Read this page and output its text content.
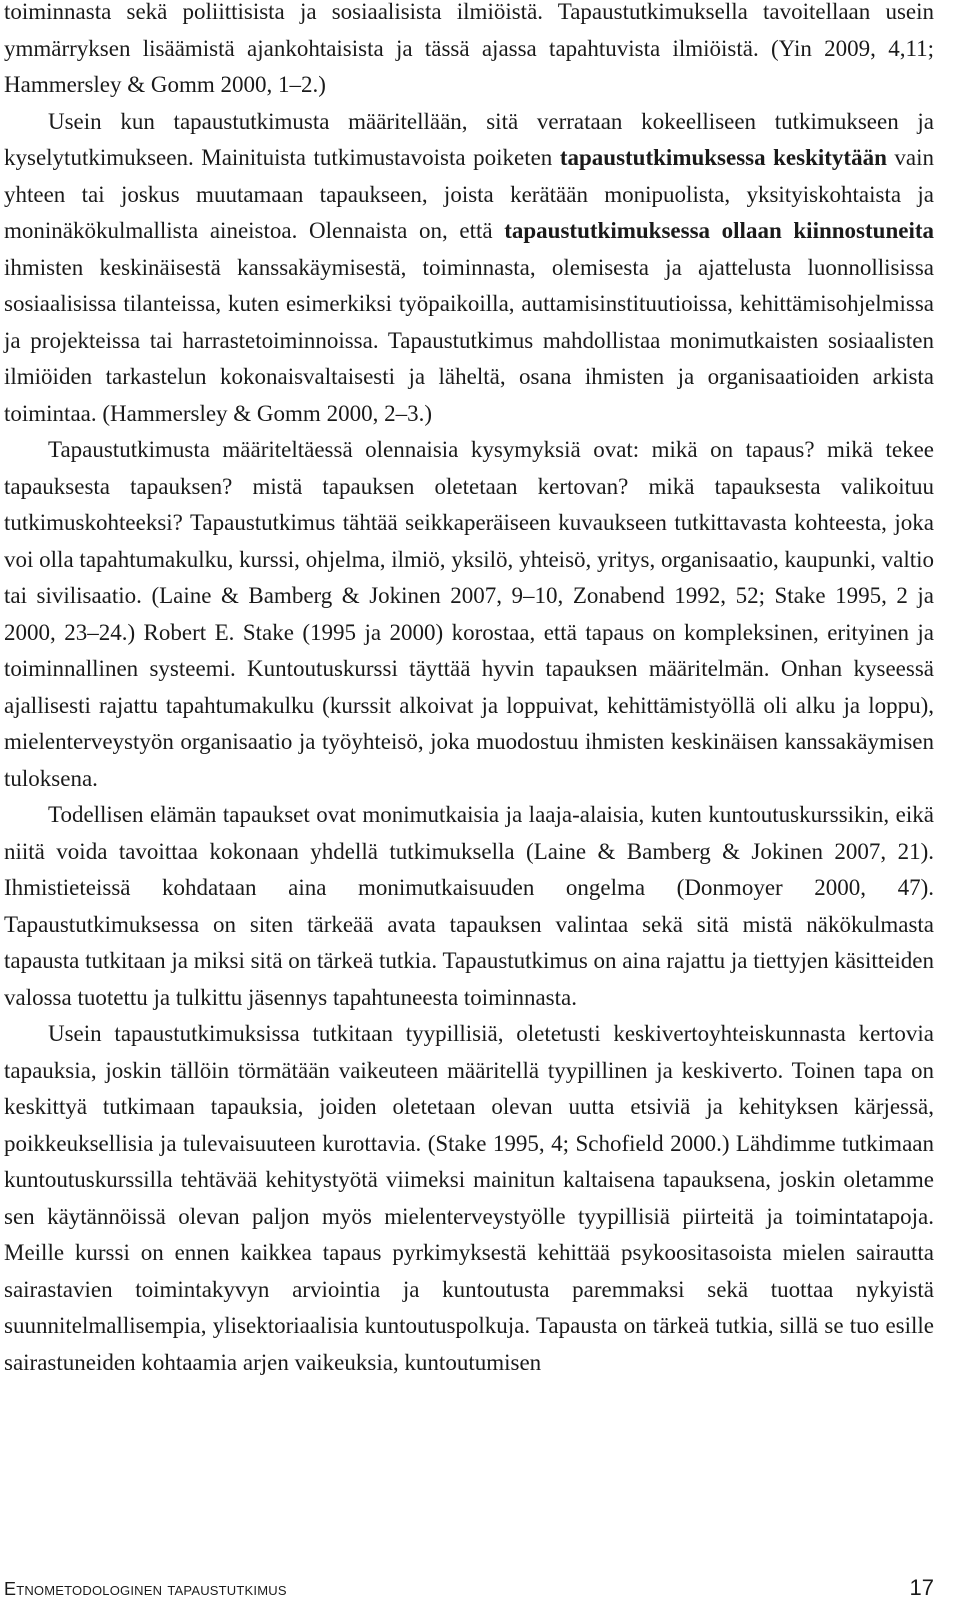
toiminnasta sekä poliittisista ja sosiaalisista ilmiöistä. Tapaustutkimuksella tavoitellaan usein ymmärryksen lisäämistä ajankohtaisista ja tässä ajassa tapahtuvista ilmiöistä. (Yin 2009, 4,11; Hammersley & Gomm 2000, 1–2.)

Usein kun tapaustutkimusta määritellään, sitä verrataan kokeelliseen tutkimukseen ja kyselytutkimukseen. Mainituista tutkimustavoista poiketen tapaustutkimuksessa keskitytään vain yhteen tai joskus muutamaan tapaukseen, joista kerätään monipuolista, yksityiskohtaista ja moninäkökulmallista aineistoa. Olennaista on, että tapaustutkimuksessa ollaan kiinnostuneita ihmisten keskinäisestä kanssakäymisestä, toiminnasta, olemisesta ja ajattelusta luonnollisissa sosiaalisissa tilanteissa, kuten esimerkiksi työpaikoilla, auttamisinstituutioissa, kehittämisohjelmissa ja projekteissa tai harrastetoiminnoissa. Tapaustutkimus mahdollistaa monimutkaisten sosiaalisten ilmiöiden tarkastelun kokonaisvaltaisesti ja läheltä, osana ihmisten ja organisaatioiden arkista toimintaa. (Hammersley & Gomm 2000, 2–3.)

Tapaustutkimusta määriteltäessä olennaisia kysymyksiä ovat: mikä on tapaus? mikä tekee tapauksesta tapauksen? mistä tapauksen oletetaan kertovan? mikä tapauksesta valikoituu tutkimuskohteeksi? Tapaustutkimus tähtää seikkaperäiseen kuvaukseen tutkittavasta kohteesta, joka voi olla tapahtumakulku, kurssi, ohjelma, ilmiö, yksilö, yhteisö, yritys, organisaatio, kaupunki, valtio tai sivilisaatio. (Laine & Bamberg & Jokinen 2007, 9–10, Zonabend 1992, 52; Stake 1995, 2 ja 2000, 23–24.) Robert E. Stake (1995 ja 2000) korostaa, että tapaus on kompleksinen, erityinen ja toiminnallinen systeemi. Kuntoutuskurssi täyttää hyvin tapauksen määritelmän. Onhan kyseessä ajallisesti rajattu tapahtumakulku (kurssit alkoivat ja loppuivat, kehittämistyöllä oli alku ja loppu), mielenterveystyön organisaatio ja työyhteisö, joka muodostuu ihmisten keskinäisen kanssakäymisen tuloksena.

Todellisen elämän tapaukset ovat monimutkaisia ja laaja-alaisia, kuten kuntoutuskurssikin, eikä niitä voida tavoittaa kokonaan yhdellä tutkimuksella (Laine & Bamberg & Jokinen 2007, 21). Ihmistieteissä kohdataan aina monimutkaisuuden ongelma (Donmoyer 2000, 47). Tapaustutkimuksessa on siten tärkeää avata tapauksen valintaa sekä sitä mistä näkökulmasta tapausta tutkitaan ja miksi sitä on tärkeä tutkia. Tapaustutkimus on aina rajattu ja tiettyjen käsitteiden valossa tuotettu ja tulkittu jäsennys tapahtuneesta toiminnasta.

Usein tapaustutkimuksissa tutkitaan tyypillisiä, oletetusti keskivertoyhteiskunnasta kertovia tapauksia, joskin tällöin törmätään vaikeuteen määritellä tyypillinen ja keskiverto. Toinen tapa on keskittyä tutkimaan tapauksia, joiden oletetaan olevan uutta etsiviä ja kehityksen kärjessä, poikkeuksellisia ja tulevaisuuteen kurottavia. (Stake 1995, 4; Schofield 2000.) Lähdimme tutkimaan kuntoutuskurssilla tehtävää kehitystyötä viimeksi mainitun kaltaisena tapauksena, joskin oletamme sen käytännöissä olevan paljon myös mielenterveystyölle tyypillisiä piirteitä ja toimintatapoja. Meille kurssi on ennen kaikkea tapaus pyrkimyksestä kehittää psykoositasoista mielen sairautta sairastavien toimintakyvyn arviointia ja kuntoutusta paremmaksi sekä tuottaa nykyistä suunnitelmallisempia, ylisektoriaalisia kuntoutuspolkuja. Tapausta on tärkeä tutkia, sillä se tuo esille sairastuneiden kohtaamia arjen vaikeuksia, kuntoutumisen

Etnometodologinen tapaustutkimus	17
